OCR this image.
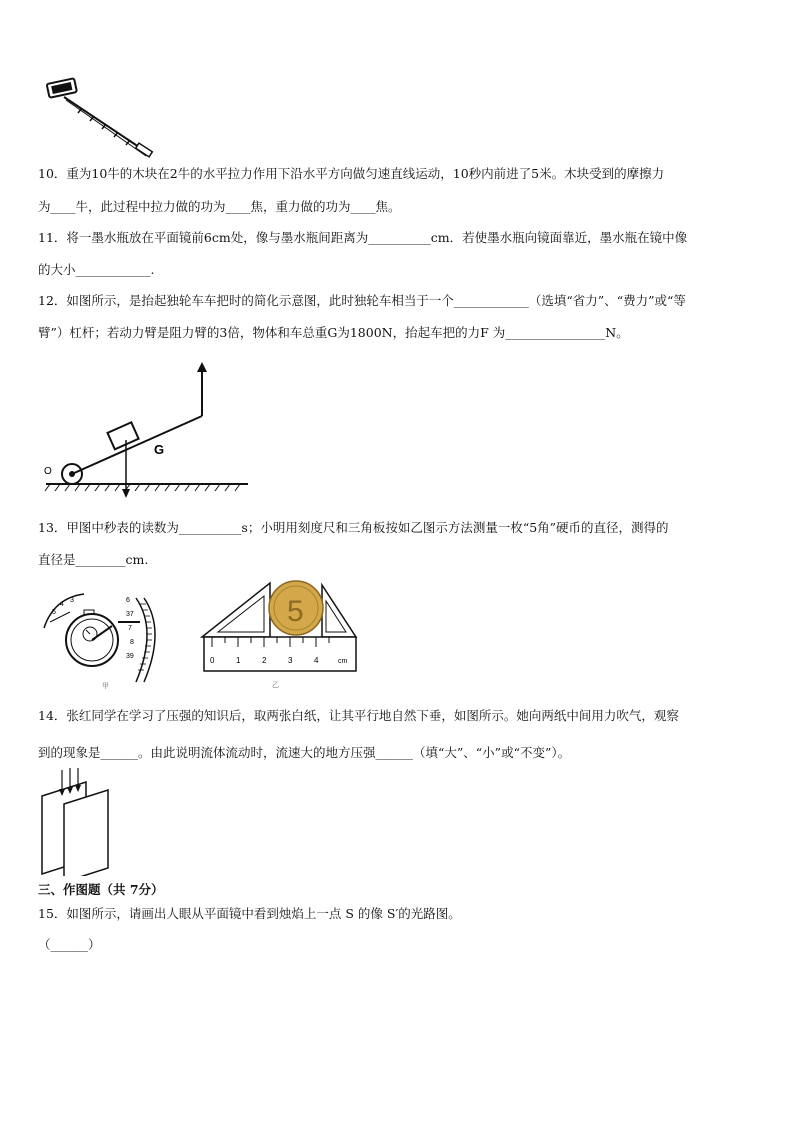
10．重为10牛的木块在2牛的水平拉力作用下沿水平方向做匀速直线运动，10秒内前进了5米。木块受到的摩擦力
为____牛，此过程中拉力做的功为____焦，重力做的功为____焦。
11．将一墨水瓶放在平面镜前6cm处，像与墨水瓶间距离为__________cm．若使墨水瓶向镜面靠近，墨水瓶在镜中像
的大小____________.
12．如图所示，是抬起独轮车车把时的简化示意图，此时独轮车相当于一个____________（选填“省力”、“费力”或“等
臂”）杠杆；若动力臂是阻力臂的3倍，物体和车总重G为1800N，抬起车把的力F 为________________N。
G
O
13．甲图中秒表的读数为__________s；小明用刻度尺和三角板按如乙图示方法测量一枚“5角”硬币的直径，测得的
直径是________cm.
4
3
5
6
37
7
8
39
甲
5
0	1	2	3	4	cm
乙
14．张红同学在学习了压强的知识后，取两张白纸，让其平行地自然下垂，如图所示。她向两纸中间用力吹气，观察
到的现象是______。由此说明流体流动时，流速大的地方压强______（填“大”、“小”或“不变”）。
三、作图题（共 7分）
15．如图所示，请画出人眼从平面镜中看到烛焰上一点 S 的像 S′的光路图。
（______）
